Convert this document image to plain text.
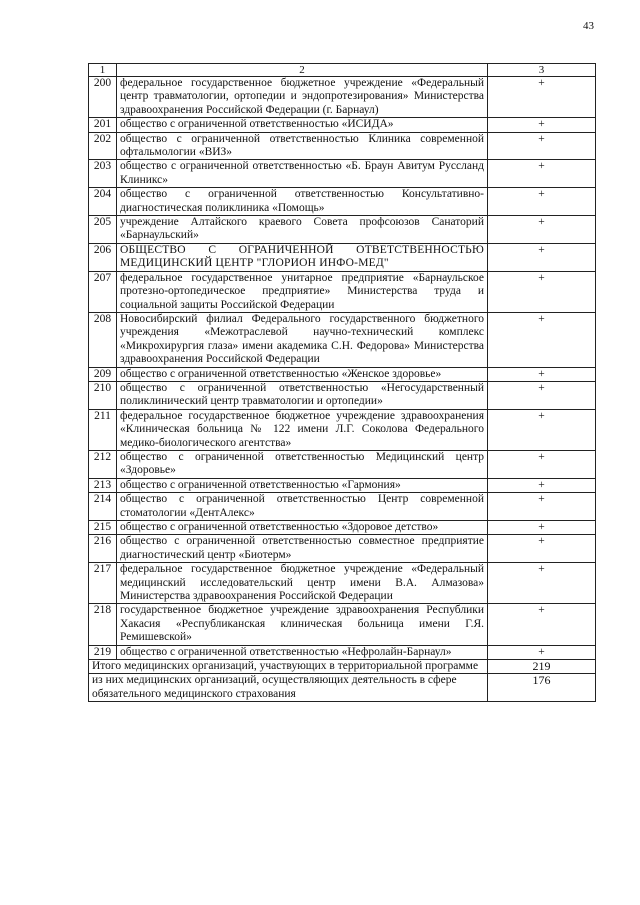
43
1	2	3
200	федеральное государственное бюджетное учреждение «Федеральный центр травматологии, ортопедии и эндопротезирования» Министерства здравоохранения Российской Федерации (г. Барнаул)	+
201	общество с ограниченной ответственностью «ИСИДА»	+
202	общество с ограниченной ответственностью Клиника современной офтальмологии «ВИЗ»	+
203	общество с ограниченной ответственностью «Б. Браун Авитум Руссланд Клиникс»	+
204	общество с ограниченной ответственностью Консультативно-диагностическая поликлиника «Помощь»	+
205	учреждение Алтайского краевого Совета профсоюзов Санаторий «Барнаульский»	+
206	ОБЩЕСТВО С ОГРАНИЧЕННОЙ ОТВЕТСТВЕННОСТЬЮ МЕДИЦИНСКИЙ ЦЕНТР "ГЛОРИОН ИНФО-МЕД"	+
207	федеральное государственное унитарное предприятие «Барнаульское протезно-ортопедическое предприятие» Министерства труда и социальной защиты Российской Федерации	+
208	Новосибирский филиал Федерального государственного бюджетного учреждения «Межотраслевой научно-технический комплекс «Микрохирургия глаза» имени академика С.Н. Федорова» Министерства здравоохранения Российской Федерации	+
209	общество с ограниченной ответственностью «Женское здоровье»	+
210	общество с ограниченной ответственностью «Негосударственный поликлинический центр травматологии и ортопедии»	+
211	федеральное государственное бюджетное учреждение здравоохранения «Клиническая больница № 122 имени Л.Г. Соколова Федерального медико-биологического агентства»	+
212	общество с ограниченной ответственностью Медицинский центр «Здоровье»	+
213	общество с ограниченной ответственностью «Гармония»	+
214	общество с ограниченной ответственностью Центр современной стоматологии «ДентАлекс»	+
215	общество с ограниченной ответственностью «Здоровое детство»	+
216	общество с ограниченной ответственностью совместное предприятие диагностический центр «Биотерм»	+
217	федеральное государственное бюджетное учреждение «Федеральный медицинский исследовательский центр имени В.А. Алмазова» Министерства здравоохранения Российской Федерации	+
218	государственное бюджетное учреждение здравоохранения Республики Хакасия «Республиканская клиническая больница имени Г.Я. Ремишевской»	+
219	общество с ограниченной ответственностью «Нефролайн-Барнаул»	+
Итого медицинских организаций, участвующих в территориальной программе		219
из них медицинских организаций, осуществляющих деятельность в сфере обязательного медицинского страхования		176
